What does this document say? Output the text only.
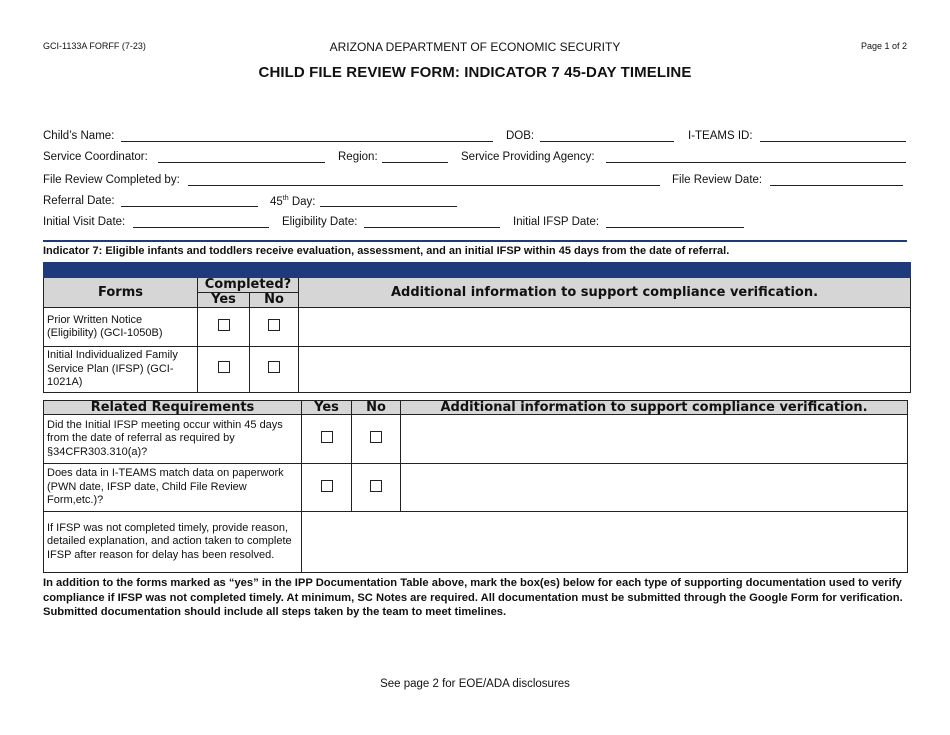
GCI-1133A FORFF (7-23)	ARIZONA DEPARTMENT OF ECONOMIC SECURITY	Page 1 of 2
CHILD FILE REVIEW FORM: INDICATOR 7 45-DAY TIMELINE
Child’s Name:	DOB:	I-TEAMS ID:
Service Coordinator:	Region:	Service Providing Agency:
File Review Completed by:	File Review Date:
Referral Date:	45th Day:
Initial Visit Date:	Eligibility Date:	Initial IFSP Date:
Indicator 7: Eligible infants and toddlers receive evaluation, assessment, and an initial IFSP within 45 days from the date of referral.

Forms	Completed?		Additional information to support compliance verification.
	Yes	No	
Prior Written Notice (Eligibility) (GCI-1050B)			
Initial Individualized Family Service Plan (IFSP) (GCI-1021A)			
Related Requirements	Yes	No	Additional information to support compliance verification.
Did the Initial IFSP meeting occur within 45 days from the date of referral as required by §34CFR303.310(a)?			
Does data in I-TEAMS match data on paperwork (PWN date, IFSP date, Child File Review Form,etc.)?			
If IFSP was not completed timely, provide reason, detailed explanation, and action taken to complete IFSP after reason for delay has been resolved.			
In addition to the forms marked as “yes” in the IPP Documentation Table above, mark the box(es) below for each type of supporting documentation used to verify compliance if IFSP was not completed timely. At minimum, SC Notes are required. All documentation must be submitted through the Google Form for verification. Submitted documentation should include all steps taken by the team to meet timelines.
See page 2 for EOE/ADA disclosures
